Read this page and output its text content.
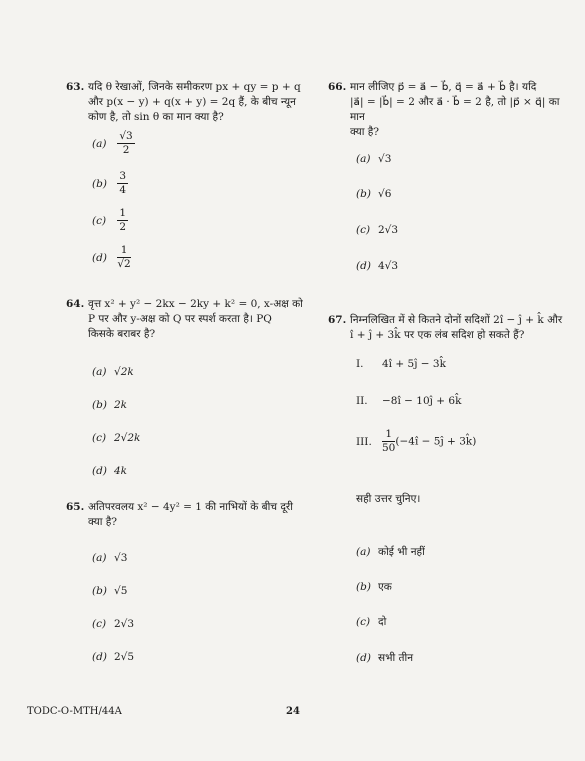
63. यदि θ रेखाओं, जिनके समीकरण px + qy = p + q
और p(x − y) + q(x + y) = 2q हैं, के बीच न्यून
कोण है, तो sin θ का मान क्या है?
$(a) \frac{√3}{2}$
$(b) \frac{3}{4}$
$(c) \frac{1}{2}$
$(d) \frac{1}{√2}$
64. वृत्त x² + y² − 2kx − 2ky + k² = 0, x-अक्ष को
P पर और y-अक्ष को Q पर स्पर्श करता है। PQ
किसके बराबर है?
(a) √2k
(b) 2k
(c) 2√2k
(d) 4k
65. अतिपरवलय x² − 4y² = 1 की नाभियों के बीच दूरी
क्या है?
(a) √3
(b) √5
(c) 2√3
(d) 2√5
66. मान लीजिए p⃗ = a⃗ − b⃗, q⃗ = a⃗ + b⃗ है। यदि
|a⃗| = |b⃗| = 2 और a⃗ · b⃗ = 2 है, तो |p⃗ × q⃗| का मान
क्या है?
(a) √3
(b) √6
(c) 2√3
(d) 4√3
67. निम्नलिखित में से कितने दोनों सदिशों 2î − ĵ + k̂ और
î + ĵ + 3k̂ पर एक लंब सदिश हो सकते हैं?
I. 4î + 5ĵ − 3k̂
II. −8î − 10ĵ + 6k̂
III. $\frac{1}{50}$ (−4î − 5ĵ + 3k̂)
सही उत्तर चुनिए।
(a) कोई भी नहीं
(b) एक
(c) दो
(d) सभी तीन
TODC-O-MTH/44A	24
